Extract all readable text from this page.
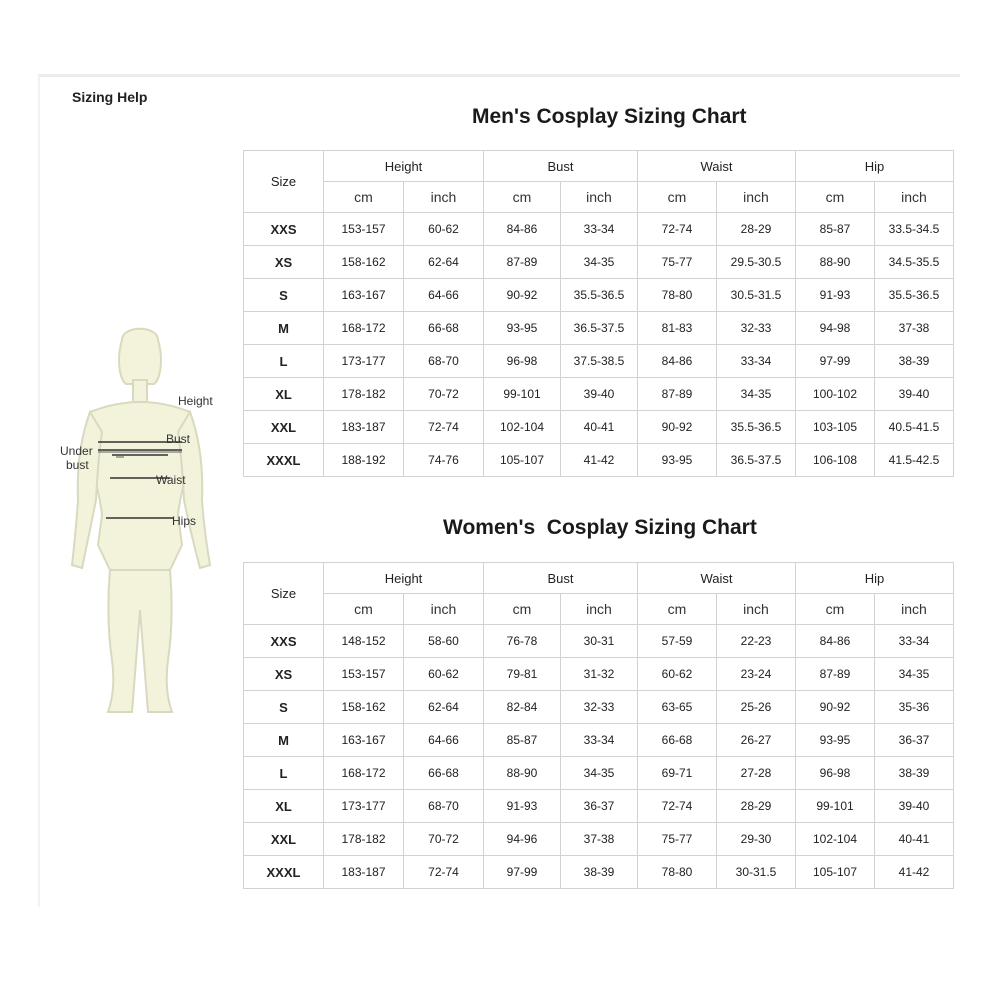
Sizing Help
Height
Bust
Under
bust
Waist
Hips
Men's Cosplay Sizing Chart
Size	Height		Bust		Waist		Hip	
	cm	inch	cm	inch	cm	inch	cm	inch
XXS	153-157	60-62	84-86	33-34	72-74	28-29	85-87	33.5-34.5
XS	158-162	62-64	87-89	34-35	75-77	29.5-30.5	88-90	34.5-35.5
S	163-167	64-66	90-92	35.5-36.5	78-80	30.5-31.5	91-93	35.5-36.5
M	168-172	66-68	93-95	36.5-37.5	81-83	32-33	94-98	37-38
L	173-177	68-70	96-98	37.5-38.5	84-86	33-34	97-99	38-39
XL	178-182	70-72	99-101	39-40	87-89	34-35	100-102	39-40
XXL	183-187	72-74	102-104	40-41	90-92	35.5-36.5	103-105	40.5-41.5
XXXL	188-192	74-76	105-107	41-42	93-95	36.5-37.5	106-108	41.5-42.5
Women's  Cosplay Sizing Chart
Size	Height		Bust		Waist		Hip	
	cm	inch	cm	inch	cm	inch	cm	inch
XXS	148-152	58-60	76-78	30-31	57-59	22-23	84-86	33-34
XS	153-157	60-62	79-81	31-32	60-62	23-24	87-89	34-35
S	158-162	62-64	82-84	32-33	63-65	25-26	90-92	35-36
M	163-167	64-66	85-87	33-34	66-68	26-27	93-95	36-37
L	168-172	66-68	88-90	34-35	69-71	27-28	96-98	38-39
XL	173-177	68-70	91-93	36-37	72-74	28-29	99-101	39-40
XXL	178-182	70-72	94-96	37-38	75-77	29-30	102-104	40-41
XXXL	183-187	72-74	97-99	38-39	78-80	30-31.5	105-107	41-42
